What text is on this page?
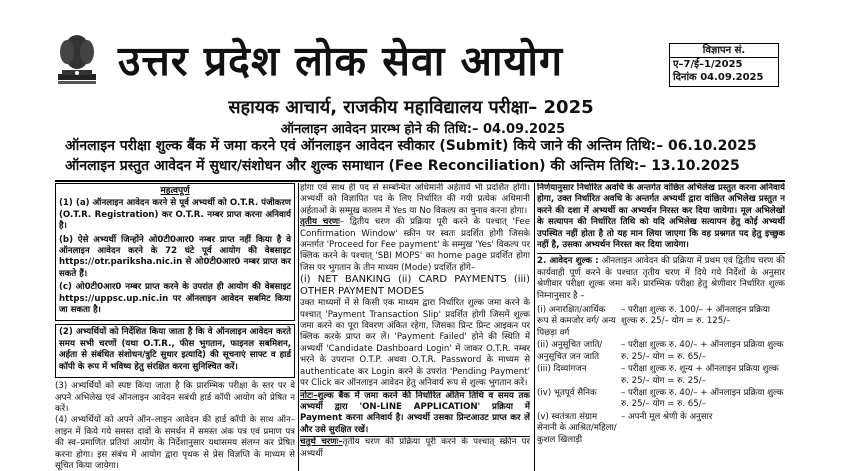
उत्तर प्रदेश लोक सेवा आयोग	विज्ञापन सं.
ए–7/ई–1/2025
दिनांक 04.09.2025
सहायक आचार्य, राजकीय महाविद्यालय परीक्षा– 2025
ऑनलाइन आवेदन प्रारम्भ होने की तिथि:– 04.09.2025
ऑनलाइन परीक्षा शुल्क बैंक में जमा करने एवं ऑनलाइन आवेदन स्वीकार (Submit) किये जाने की अन्तिम तिथि:– 06.10.2025
ऑनलाइन प्रस्तुत आवेदन में सुधार/संशोधन और शुल्क समाधान (Fee Reconciliation) की अन्तिम तिथि:– 13.10.2025
महत्वपूर्ण

(1) (a) ऑनलाइन आवेदन करने से पूर्व अभ्यर्थी को O.T.R. पंजीकरण (O.T.R. Registration) कर O.T.R. नम्बर प्राप्त करना अनिवार्य है।

(b) ऐसे अभ्यर्थी जिन्होंने ओ0टी0आर0 नम्बर प्राप्त नहीं किया है वे ऑनलाइन आवेदन करने के 72 घंटे पूर्व आयोग की वेबसाइट https://otr.pariksha.nic.in से ओ0टी0आर0 नम्बर प्राप्त कर सकते हैं।

(c) ओ0टी0आर0 नम्बर प्राप्त करने के उपरांत ही आयोग की वेबसाइट https://uppsc.up.nic.in पर ऑनलाइन आवेदन सबमिट किया जा सकता है।

(2) अभ्यर्थियों को निर्देशित किया जाता है कि वे ऑनलाइन आवेदन करते समय सभी चरणों (यथा O.T.R., फीस भुगतान, फाइनल सबमिशन, अर्हता से संबंधित संशोधन/त्रुटि सुधार इत्यादि) की सूचनाएं साफ्ट व हार्ड कॉपी के रूप में भविष्य हेतु संरक्षित करना सुनिश्चित करें।

(3) अभ्यर्थियों को स्पष्ट किया जाता है कि प्रारम्भिक परीक्षा के स्तर पर वे अपने अभिलेख एवं ऑनलाइन आवेदन सबंधी हार्ड कॉपी आयोग को प्रेषित न करें।

(4) अभ्यर्थियों को अपने ऑन–लाइन आवेदन की हार्ड कॉपी के साथ ऑन–लाइन में किये गये समस्त दावों के समर्थन में समस्त अंक पत्र एवं प्रमाण पत्र की स्व–प्रमाणित प्रतियां आयोग के निर्देशानुसार यथासमय संलग्न कर प्रेषित करना होगा। इस संबंध में आयोग द्वारा पृथक से प्रेस विज्ञप्ति के माध्यम से सूचित किया जायेगा।

होगा एवं साथ ही पद से सम्बन्धित अधिमानी अर्हतायें भी प्रदर्शित होंगी। अभ्यर्थी को विज्ञापित पद के लिए निर्धारित की गयी प्रत्येक अधिमानी अर्हताओं के सम्मुख कालम में Yes या No विकल्प का चुनाव करना होगा।

तृतीय चरणः– द्वितीय चरण की प्रक्रिया पूरी करने के पश्चात् 'Fee Confirmation Window' स्क्रीन पर स्वतः प्रदर्शित होगी जिसके अन्तर्गत 'Proceed for Fee payment' के सम्मुख 'Yes' विकल्प पर क्लिक करने के पश्चात् 'SBI MOPS' का home page प्रदर्शित होगा जिस पर भुगतान के तीन माध्यम (Mode) प्रदर्शित होंगे–

(i) NET BANKING (ii) CARD PAYMENTS (iii) OTHER PAYMENT MODES

उक्त माध्यमों में से किसी एक माध्यम द्वारा निर्धारित शुल्क जमा करने के पश्चात् 'Payment Transaction Slip' प्रदर्शित होगी जिसमें शुल्क जमा करने का पूरा विवरण अंकित रहेगा, जिसका प्रिन्ट प्रिन्ट आइकन पर क्लिक करके प्राप्त कर लें। 'Payment Failed' होने की स्थिति में अभ्यर्थी 'Candidate Dashboard Login' में जाकर O.T.R. नम्बर भरने के उपरान्त O.T.P. अथवा O.T.R. Password के माध्यम से authenticate कर Login करने के उपरांत 'Pending Payment' पर Click कर ऑनलाइन आवेदन हेतु अनिवार्य रूप से शुल्क भुगतान करें।

नोटः–शुल्क बैंक में जमा करने की निर्धारित अंतिम तिथि व समय तक अभ्यर्थी द्वारा 'ON-LINE APPLICATION' प्रक्रिया में Payment करना अनिवार्य है। अभ्यर्थी उसका प्रिन्टआउट प्राप्त कर लें और उसे सुरक्षित रखें।

चतुर्थ चरणः–तृतीय चरण की प्रक्रिया पूरी करने के पश्चात् स्क्रीन पर अभ्यर्थी

निर्णयानुसार निर्धारित अवधि के अन्तर्गत वांछित अभिलेख प्रस्तुत करना अनिवार्य होगा, उक्त निर्धारित अवधि के अन्तर्गत अभ्यर्थी द्वारा वांछित अभिलेख प्रस्तुत न करने की दशा में अभ्यर्थी का अभ्यर्थन निरस्त कर दिया जायेगा। मूल अभिलेखों के सत्यापन की निर्धारित तिथि को यदि अभिलेख सत्यापन हेतु कोई अभ्यर्थी उपस्थित नहीं होता है तो यह मान लिया जाएगा कि वह प्रश्नगत पद हेतु इच्छुक नहीं है, उसका अभ्यर्थन निरस्त कर दिया जायेगा।

2. आवेदन शुल्क : ऑनलाइन आवेदन की प्रक्रिया में प्रथम एवं द्वितीय चरण की कार्यवाही पूर्ण करने के पश्चात तृतीय चरण में दिये गये निर्देशों के अनुसार श्रेणीवार परीक्षा शुल्क जमा करें। प्रारम्भिक परीक्षा हेतु श्रेणीवार निर्धारित शुल्क निम्नानुसार है –

(i) अनारक्षित/आर्थिक रूप से कमजोर वर्ग/ अन्य पिछड़ा वर्ग
– परीक्षा शुल्क रु. 100/– + ऑनलाइन प्रक्रिया शुल्क रु. 25/– योग = रु. 125/–
(ii) अनुसूचित जाति/ अनुसूचित जन जाति
– परीक्षा शुल्क रु. 40/– + ऑनलाइन प्रक्रिया शुल्क रु. 25/– योग = रु. 65/–
(iii) दिव्यांगजन	– परीक्षा शुल्क रु. शून्य + ऑनलाइन प्रक्रिया शुल्क रु. 25/– योग = रु. 25/–
(iv) भूतपूर्व सैनिक	– परीक्षा शुल्क रु. 40/– + ऑनलाइन प्रक्रिया शुल्क रु. 25/– योग = रु. 65/–
(v) स्वतंत्रता संग्राम सेनानी के आश्रित/महिला/ कुशल खिलाड़ी
– अपनी मूल श्रेणी के अनुसार
